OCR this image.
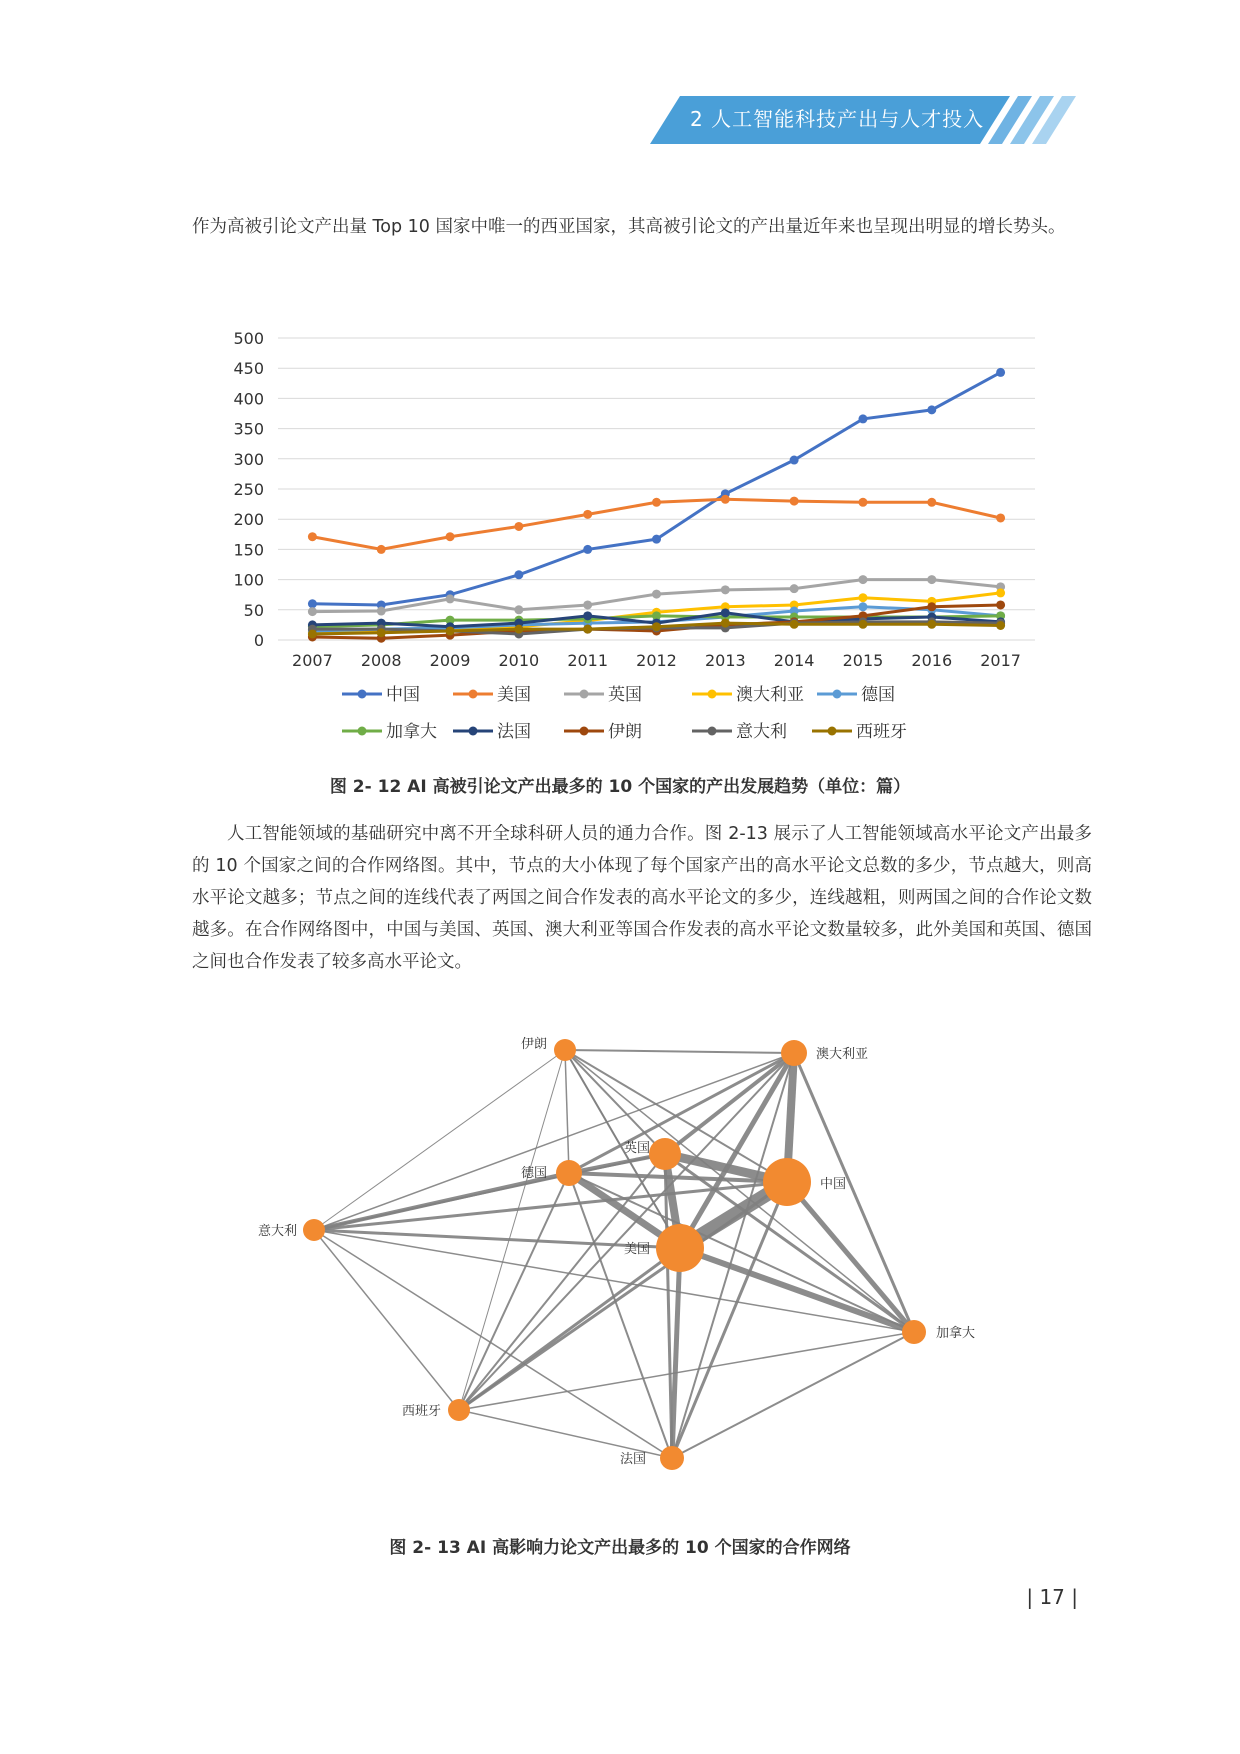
2 人工智能科技产出与人才投入

作为高被引论文产出量 Top 10 国家中唯一的西亚国家，其高被引论文的产出量近年来也呈现出明显的增长势头。

0
50
100
150
200
250
300
350
400
450
500
2007 2008 2009 2010 2011 2012 2013 2014 2015 2016 2017
中国	美国	英国	澳大利亚	德国
加拿大	法国	伊朗	意大利	西班牙
图 2- 12 AI 高被引论文产出最多的 10 个国家的产出发展趋势（单位：篇）

人工智能领域的基础研究中离不开全球科研人员的通力合作。图 2-13 展示了人工智能领域高水平论文产出最多的 10 个国家之间的合作网络图。其中，节点的大小体现了每个国家产出的高水平论文总数的多少，节点越大，则高水平论文越多；节点之间的连线代表了两国之间合作发表的高水平论文的多少，连线越粗，则两国之间的合作论文数越多。在合作网络图中，中国与美国、英国、澳大利亚等国合作发表的高水平论文数量较多，此外美国和英国、德国之间也合作发表了较多高水平论文。

伊朗
澳大利亚
英国
德国
中国
意大利
美国
加拿大
西班牙
法国
图 2- 13 AI 高影响力论文产出最多的 10 个国家的合作网络
| 17 |
